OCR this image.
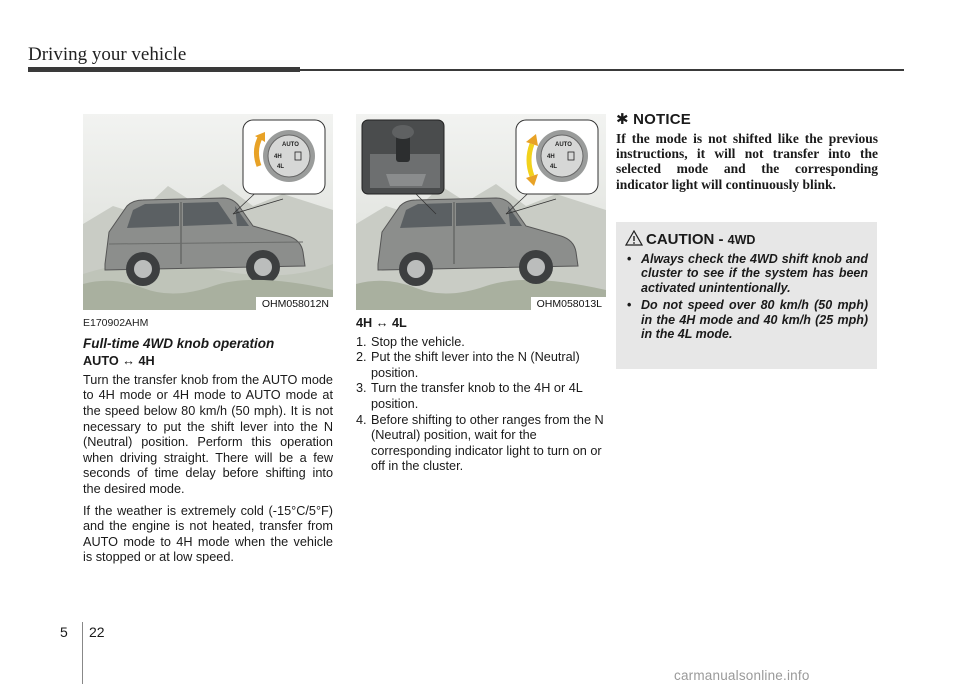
Driving your vehicle
AUTO
4H
4L
OHM058012N
AUTO
4H
4L
OHM058013L
E170902AHM
Full-time 4WD knob operation
AUTO ↔ 4H

Turn the transfer knob from the AUTO mode to 4H mode or 4H mode to AUTO mode at the speed below 80 km/h (50 mph). It is not necessary to put the shift lever into the N (Neutral) position. Perform this operation when driving straight. There will be a few seconds of time delay before shifting into the desired mode.

If the weather is extremely cold (-15°C/5°F) and the engine is not heated, transfer from AUTO mode to 4H mode when the vehicle is stopped or at low speed.

4H ↔ 4L
1. Stop the vehicle.
2. Put the shift lever into the N (Neutral) position.
3. Turn the transfer knob to the 4H or 4L position.
4. Before shifting to other ranges from the N (Neutral) position, wait for the corresponding indicator light to turn on or off in the cluster.
✱ NOTICE
If the mode is not shifted like the previous instructions, it will not transfer into the selected mode and the corresponding indicator light will continuously blink.
CAUTION - 4WD
• Always check the 4WD shift knob and cluster to see if the system has been activated unintentionally.
• Do not speed over 80 km/h (50 mph) in the 4H mode and 40 km/h (25 mph) in the 4L mode.
5 22
carmanualsonline.info
